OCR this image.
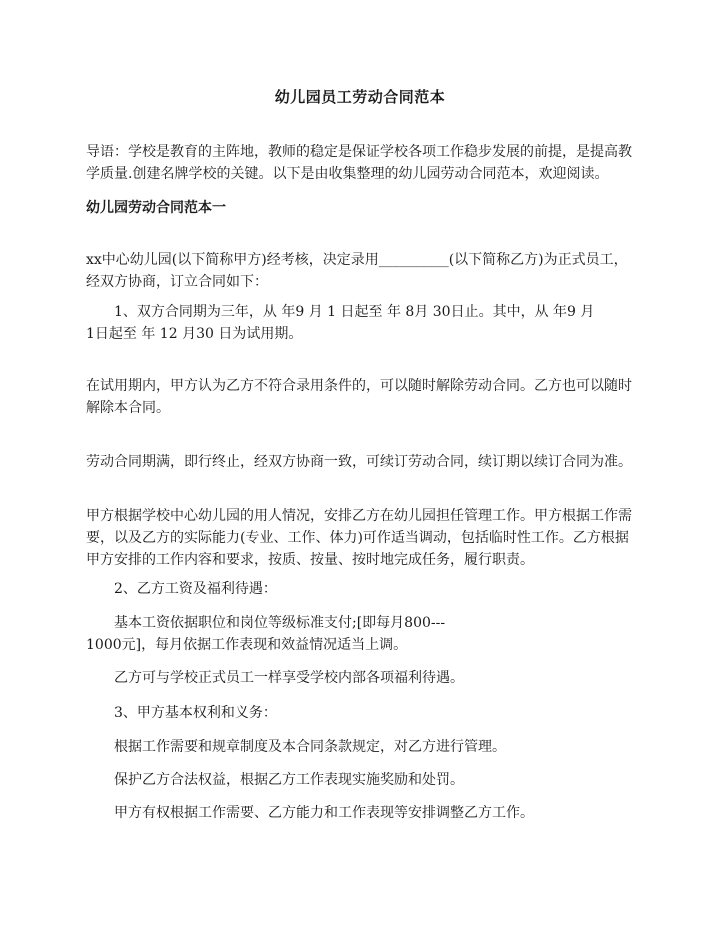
幼儿园员工劳动合同范本
导语：学校是教育的主阵地，教师的稳定是保证学校各项工作稳步发展的前提，是提高教
学质量.创建名牌学校的关键。以下是由收集整理的幼儿园劳动合同范本，欢迎阅读。
幼儿园劳动合同范本一
xx中心幼儿园(以下简称甲方)经考核，决定录用__________(以下简称乙方)为正式员工，
经双方协商，订立合同如下：
1、双方合同期为三年，从 年9 月 1 日起至 年 8月 30日止。其中，从 年9 月
1日起至 年 12 月30 日为试用期。
在试用期内，甲方认为乙方不符合录用条件的，可以随时解除劳动合同。乙方也可以随时
解除本合同。
劳动合同期满，即行终止，经双方协商一致，可续订劳动合同，续订期以续订合同为准。
甲方根据学校中心幼儿园的用人情况，安排乙方在幼儿园担任管理工作。甲方根据工作需
要，以及乙方的实际能力(专业、工作、体力)可作适当调动，包括临时性工作。乙方根据
甲方安排的工作内容和要求，按质、按量、按时地完成任务，履行职责。
2、乙方工资及福利待遇：
基本工资依据职位和岗位等级标准支付;[即每月800---
1000元]，每月依据工作表现和效益情况适当上调。
乙方可与学校正式员工一样享受学校内部各项福利待遇。
3、甲方基本权利和义务：
根据工作需要和规章制度及本合同条款规定，对乙方进行管理。
保护乙方合法权益，根据乙方工作表现实施奖励和处罚。
甲方有权根据工作需要、乙方能力和工作表现等安排调整乙方工作。
